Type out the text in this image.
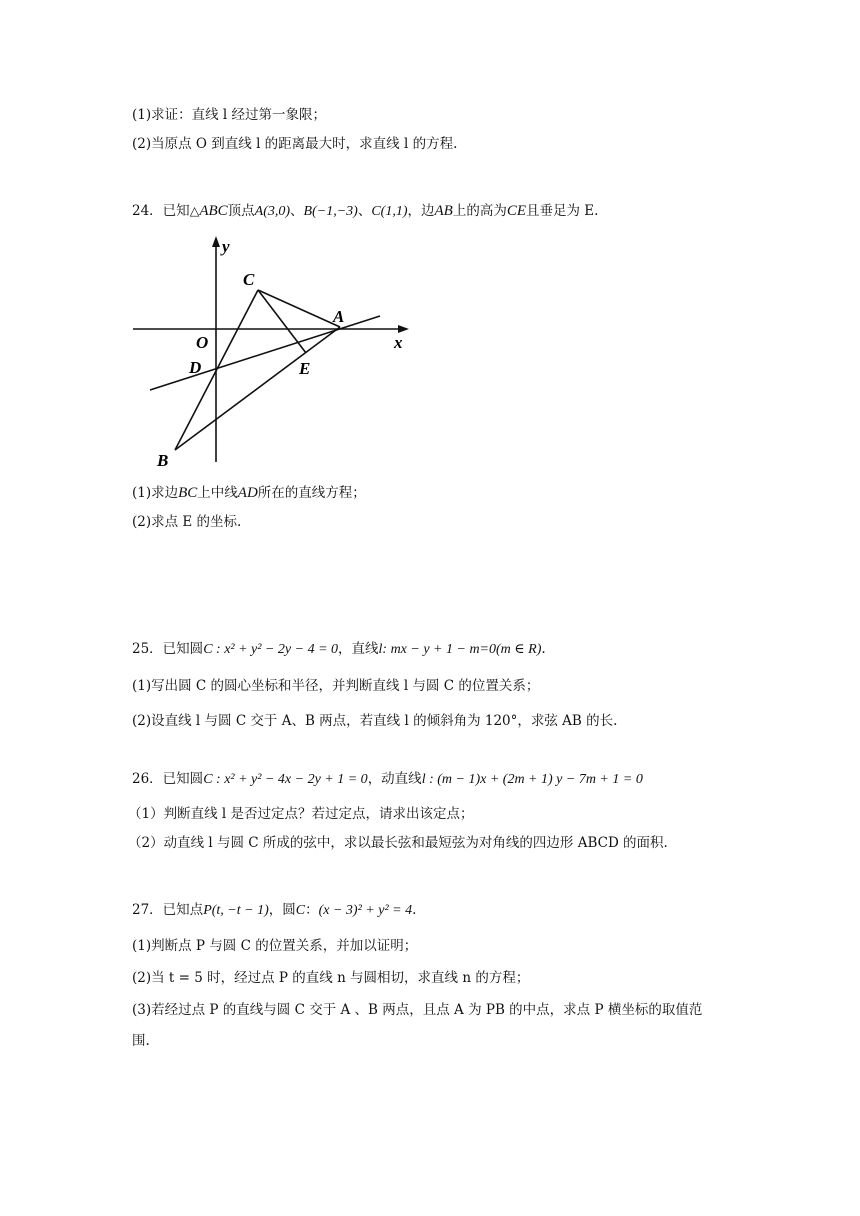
(1)求证：直线 l 经过第一象限；
(2)当原点 O 到直线 l 的距离最大时，求直线 l 的方程.
24．已知△ABC顶点A(3,0)、B(−1,−3)、C(1,1)，边AB上的高为CE且垂足为 E.
y
x
O
A
C
D	E
B
(1)求边BC上中线AD所在的直线方程；
(2)求点 E 的坐标.
25．已知圆C : x² + y² − 2y − 4 = 0，直线l: mx − y + 1 − m=0(m ∈ R).
(1)写出圆 C 的圆心坐标和半径，并判断直线 l 与圆 C 的位置关系；
(2)设直线 l 与圆 C 交于 A、B 两点，若直线 l 的倾斜角为 120°，求弦 AB 的长.
26．已知圆C : x² + y² − 4x − 2y + 1 = 0，动直线l : (m − 1)x + (2m + 1) y − 7m + 1 = 0
（1）判断直线 l 是否过定点？若过定点，请求出该定点；
（2）动直线 l 与圆 C 所成的弦中，求以最长弦和最短弦为对角线的四边形 ABCD 的面积.
27．已知点P(t, −t − 1)，圆C：(x − 3)² + y² = 4.
(1)判断点 P 与圆 C 的位置关系，并加以证明；
(2)当 t = 5 时，经过点 P 的直线 n 与圆相切，求直线 n 的方程；
(3)若经过点 P 的直线与圆 C 交于 A 、B 两点，且点 A 为 PB 的中点，求点 P 横坐标的取值范
围.
